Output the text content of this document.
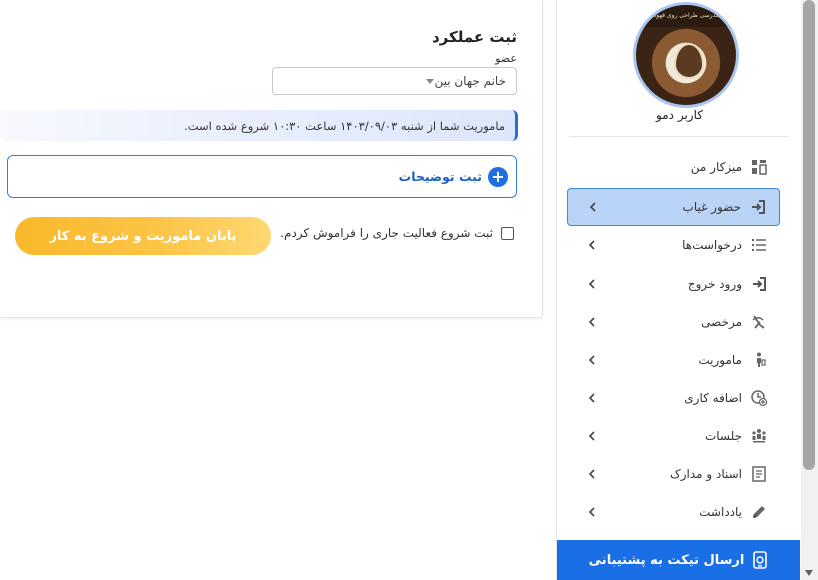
ثبت عملکرد
عضو
خانم جهان بین
ماموریت شما از شنبه ۱۴۰۳/۰۹/۰۳ ساعت ۱۰:۳۰ شروع شده است.
+
ثبت توضیحات
ثبت شروع فعالیت جاری را فراموش کردم.
پایان ماموریت و شروع به کار
مدرسی طراحی روی قهوه
کاربر دمو
میزکار من
حضور غیاب
درخواست‌ها
ورود خروج
مرخصی
ماموریت
اضافه کاری
جلسات
اسناد و مدارک
یادداشت
ارسال تیکت به پشتیبانی
